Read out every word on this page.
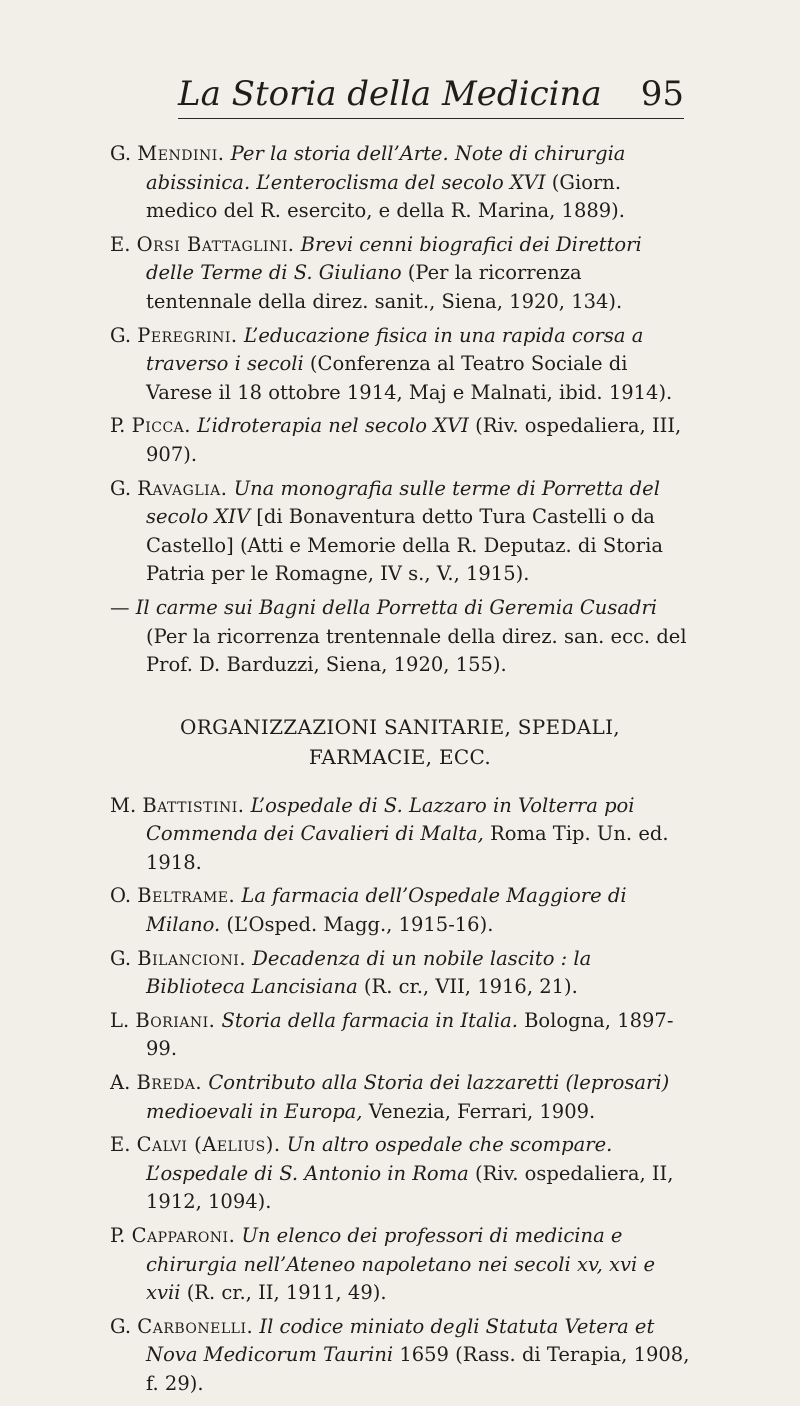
La Storia della Medicina 95

G. Mendini. Per la storia dell’Arte. Note di chirurgia abissinica. L’enteroclisma del secolo XVI (Giorn. medico del R. esercito, e della R. Marina, 1889).

E. Orsi Battaglini. Brevi cenni biografici dei Direttori delle Terme di S. Giuliano (Per la ricorrenza tentennale della direz. sanit., Siena, 1920, 134).

G. Peregrini. L’educazione fisica in una rapida corsa a traverso i secoli (Conferenza al Teatro Sociale di Varese il 18 ottobre 1914, Maj e Malnati, ibid. 1914).

P. Picca. L’idroterapia nel secolo XVI (Riv. ospedaliera, III, 907).

G. Ravaglia. Una monografia sulle terme di Porretta del secolo XIV [di Bonaventura detto Tura Castelli o da Castello] (Atti e Memorie della R. Deputaz. di Storia Patria per le Romagne, IV s., V., 1915).

— Il carme sui Bagni della Porretta di Geremia Cusadri (Per la ricorrenza trentennale della direz. san. ecc. del Prof. D. Barduzzi, Siena, 1920, 155).

ORGANIZZAZIONI SANITARIE, SPEDALI,
FARMACIE, ECC.

M. Battistini. L’ospedale di S. Lazzaro in Volterra poi Commenda dei Cavalieri di Malta, Roma Tip. Un. ed. 1918.

O. Beltrame. La farmacia dell’Ospedale Maggiore di Milano. (L’Osped. Magg., 1915-16).

G. Bilancioni. Decadenza di un nobile lascito : la Biblioteca Lancisiana (R. cr., VII, 1916, 21).

L. Boriani. Storia della farmacia in Italia. Bologna, 1897-99.

A. Breda. Contributo alla Storia dei lazzaretti (leprosari) medioevali in Europa, Venezia, Ferrari, 1909.

E. Calvi (Aelius). Un altro ospedale che scompare. L’ospedale di S. Antonio in Roma (Riv. ospedaliera, II, 1912, 1094).

P. Capparoni. Un elenco dei professori di medicina e chirurgia nell’Ateneo napoletano nei secoli xv, xvi e xvii (R. cr., II, 1911, 49).

G. Carbonelli. Il codice miniato degli Statuta Vetera et Nova Medicorum Taurini 1659 (Rass. di Terapia, 1908, f. 29).
